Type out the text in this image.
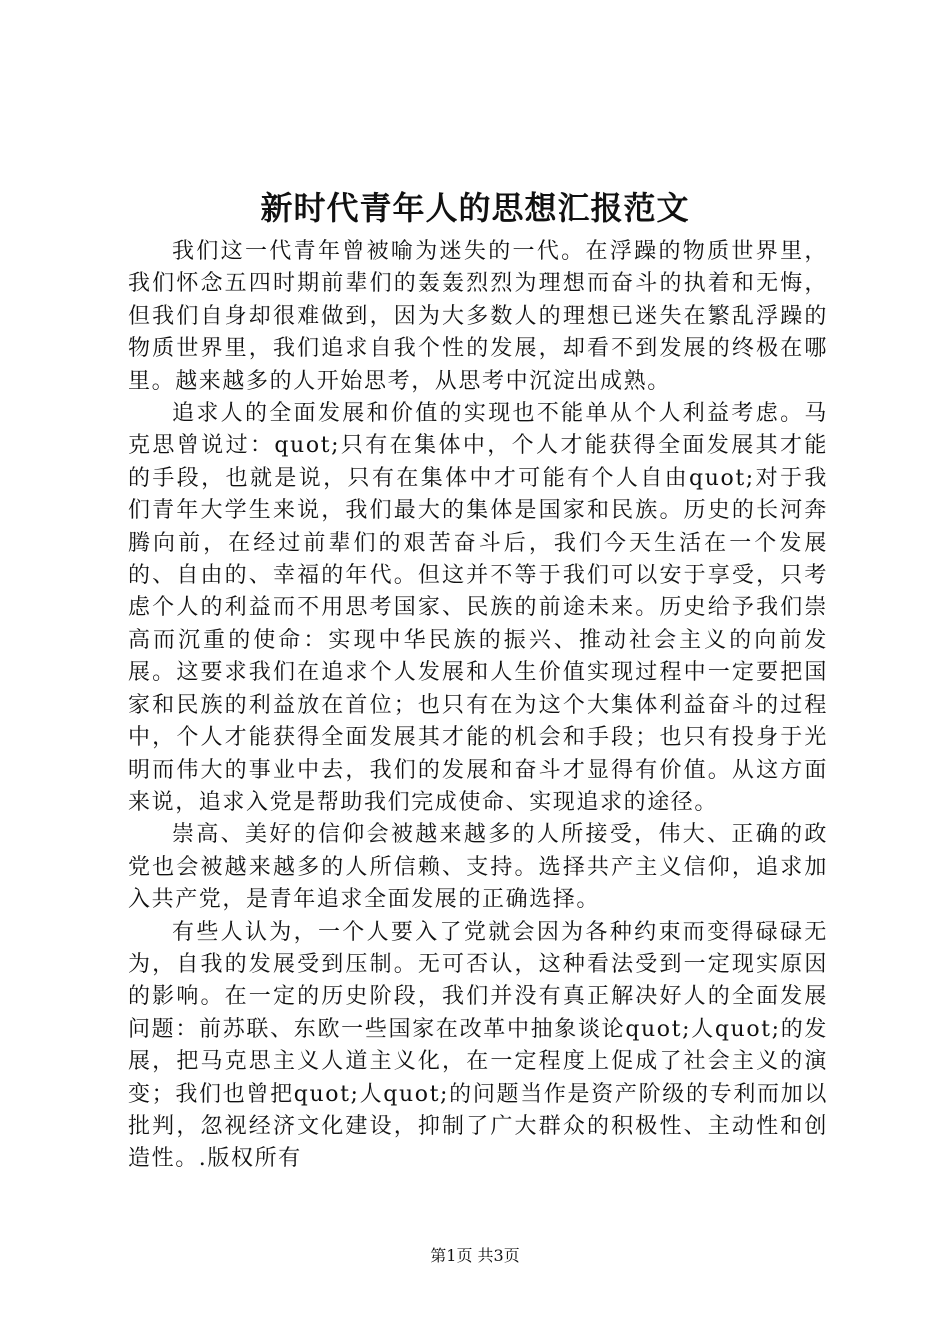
新时代青年人的思想汇报范文

我们这一代青年曾被喻为迷失的一代。在浮躁的物质世界里，我们怀念五四时期前辈们的轰轰烈烈为理想而奋斗的执着和无悔，但我们自身却很难做到，因为大多数人的理想已迷失在繁乱浮躁的物质世界里，我们追求自我个性的发展，却看不到发展的终极在哪里。越来越多的人开始思考，从思考中沉淀出成熟。

追求人的全面发展和价值的实现也不能单从个人利益考虑。马克思曾说过：quot;只有在集体中，个人才能获得全面发展其才能的手段，也就是说，只有在集体中才可能有个人自由quot;对于我们青年大学生来说，我们最大的集体是国家和民族。历史的长河奔腾向前，在经过前辈们的艰苦奋斗后，我们今天生活在一个发展的、自由的、幸福的年代。但这并不等于我们可以安于享受，只考虑个人的利益而不用思考国家、民族的前途未来。历史给予我们崇高而沉重的使命：实现中华民族的振兴、推动社会主义的向前发展。这要求我们在追求个人发展和人生价值实现过程中一定要把国家和民族的利益放在首位；也只有在为这个大集体利益奋斗的过程中，个人才能获得全面发展其才能的机会和手段；也只有投身于光明而伟大的事业中去，我们的发展和奋斗才显得有价值。从这方面来说，追求入党是帮助我们完成使命、实现追求的途径。

崇高、美好的信仰会被越来越多的人所接受，伟大、正确的政党也会被越来越多的人所信赖、支持。选择共产主义信仰，追求加入共产党，是青年追求全面发展的正确选择。

有些人认为，一个人要入了党就会因为各种约束而变得碌碌无为，自我的发展受到压制。无可否认，这种看法受到一定现实原因的影响。在一定的历史阶段，我们并没有真正解决好人的全面发展问题：前苏联、东欧一些国家在改革中抽象谈论quot;人quot;的发展，把马克思主义人道主义化，在一定程度上促成了社会主义的演变；我们也曾把quot;人quot;的问题当作是资产阶级的专利而加以批判，忽视经济文化建设，抑制了广大群众的积极性、主动性和创造性。.版权所有

第1页 共3页
